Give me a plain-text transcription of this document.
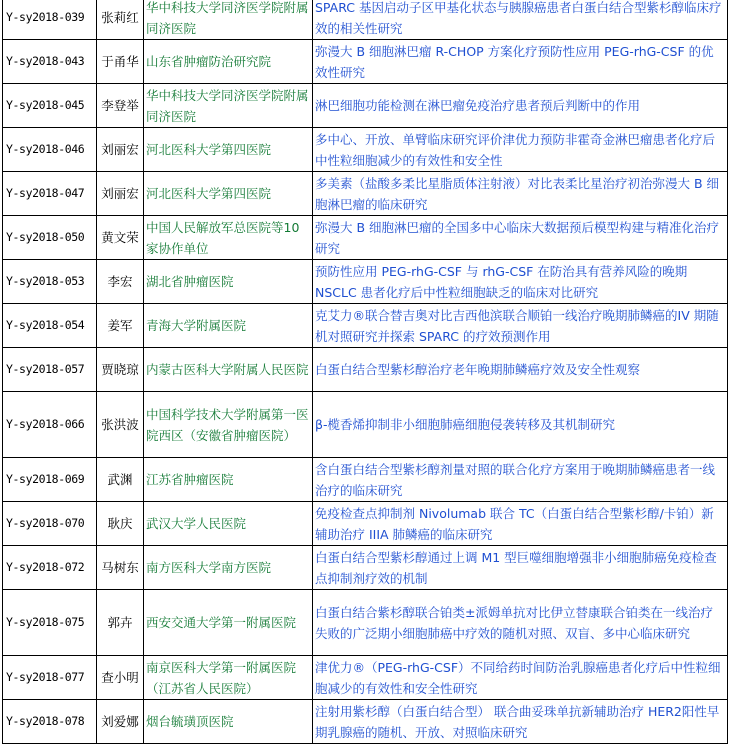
Y-sy2018-039	张莉红	华中科技大学同济医学院附属同济医院	SPARC 基因启动子区甲基化状态与胰腺癌患者白蛋白结合型紫杉醇临床疗效的相关性研究
Y-sy2018-043	于甬华	山东省肿瘤防治研究院	弥漫大 B 细胞淋巴瘤 R-CHOP 方案化疗预防性应用 PEG-rhG-CSF 的优效性研究
Y-sy2018-045	李登举	华中科技大学同济医学院附属同济医院	淋巴细胞功能检测在淋巴瘤免疫治疗患者预后判断中的作用
Y-sy2018-046	刘丽宏	河北医科大学第四医院	多中心、开放、单臂临床研究评价津优力预防非霍奇金淋巴瘤患者化疗后中性粒细胞减少的有效性和安全性
Y-sy2018-047	刘丽宏	河北医科大学第四医院	多美素（盐酸多柔比星脂质体注射液）对比表柔比星治疗初治弥漫大 B 细胞淋巴瘤的临床研究
Y-sy2018-050	黄文荣	中国人民解放军总医院等10 家协作单位	弥漫大 B 细胞淋巴瘤的全国多中心临床大数据预后模型构建与精准化治疗研究
Y-sy2018-053	李宏	湖北省肿瘤医院	预防性应用 PEG-rhG-CSF 与 rhG-CSF 在防治具有营养风险的晚期NSCLC 患者化疗后中性粒细胞缺乏的临床对比研究
Y-sy2018-054	姜军	青海大学附属医院	克艾力®联合替吉奥对比吉西他滨联合顺铂一线治疗晚期肺鳞癌的IV 期随机对照研究并探索 SPARC 的疗效预测作用
Y-sy2018-057	贾晓琼	内蒙古医科大学附属人民医院	白蛋白结合型紫杉醇治疗老年晚期肺鳞癌疗效及安全性观察
Y-sy2018-066	张洪波	中国科学技术大学附属第一医院西区（安徽省肿瘤医院）	β-榄香烯抑制非小细胞肺癌细胞侵袭转移及其机制研究
Y-sy2018-069	武渊	江苏省肿瘤医院	含白蛋白结合型紫杉醇剂量对照的联合化疗方案用于晚期肺鳞癌患者一线治疗的临床研究
Y-sy2018-070	耿庆	武汉大学人民医院	免疫检查点抑制剂 Nivolumab 联合 TC（白蛋白结合型紫杉醇/卡铂）新辅助治疗 IIIA 肺鳞癌的临床研究
Y-sy2018-072	马树东	南方医科大学南方医院	白蛋白结合型紫杉醇通过上调 M1 型巨噬细胞增强非小细胞肺癌免疫检查点抑制剂疗效的机制
Y-sy2018-075	郭卉	西安交通大学第一附属医院	白蛋白结合紫杉醇联合铂类±派姆单抗对比伊立替康联合铂类在一线治疗失败的广泛期小细胞肺癌中疗效的随机对照、双盲、多中心临床研究
Y-sy2018-077	查小明	南京医科大学第一附属医院（江苏省人民医院）	津优力®（PEG-rhG-CSF）不同给药时间防治乳腺癌患者化疗后中性粒细胞减少的有效性和安全性研究
Y-sy2018-078	刘爱娜	烟台毓璜顶医院	注射用紫杉醇（白蛋白结合型） 联合曲妥珠单抗新辅助治疗 HER2阳性早期乳腺癌的随机、开放、对照临床研究
